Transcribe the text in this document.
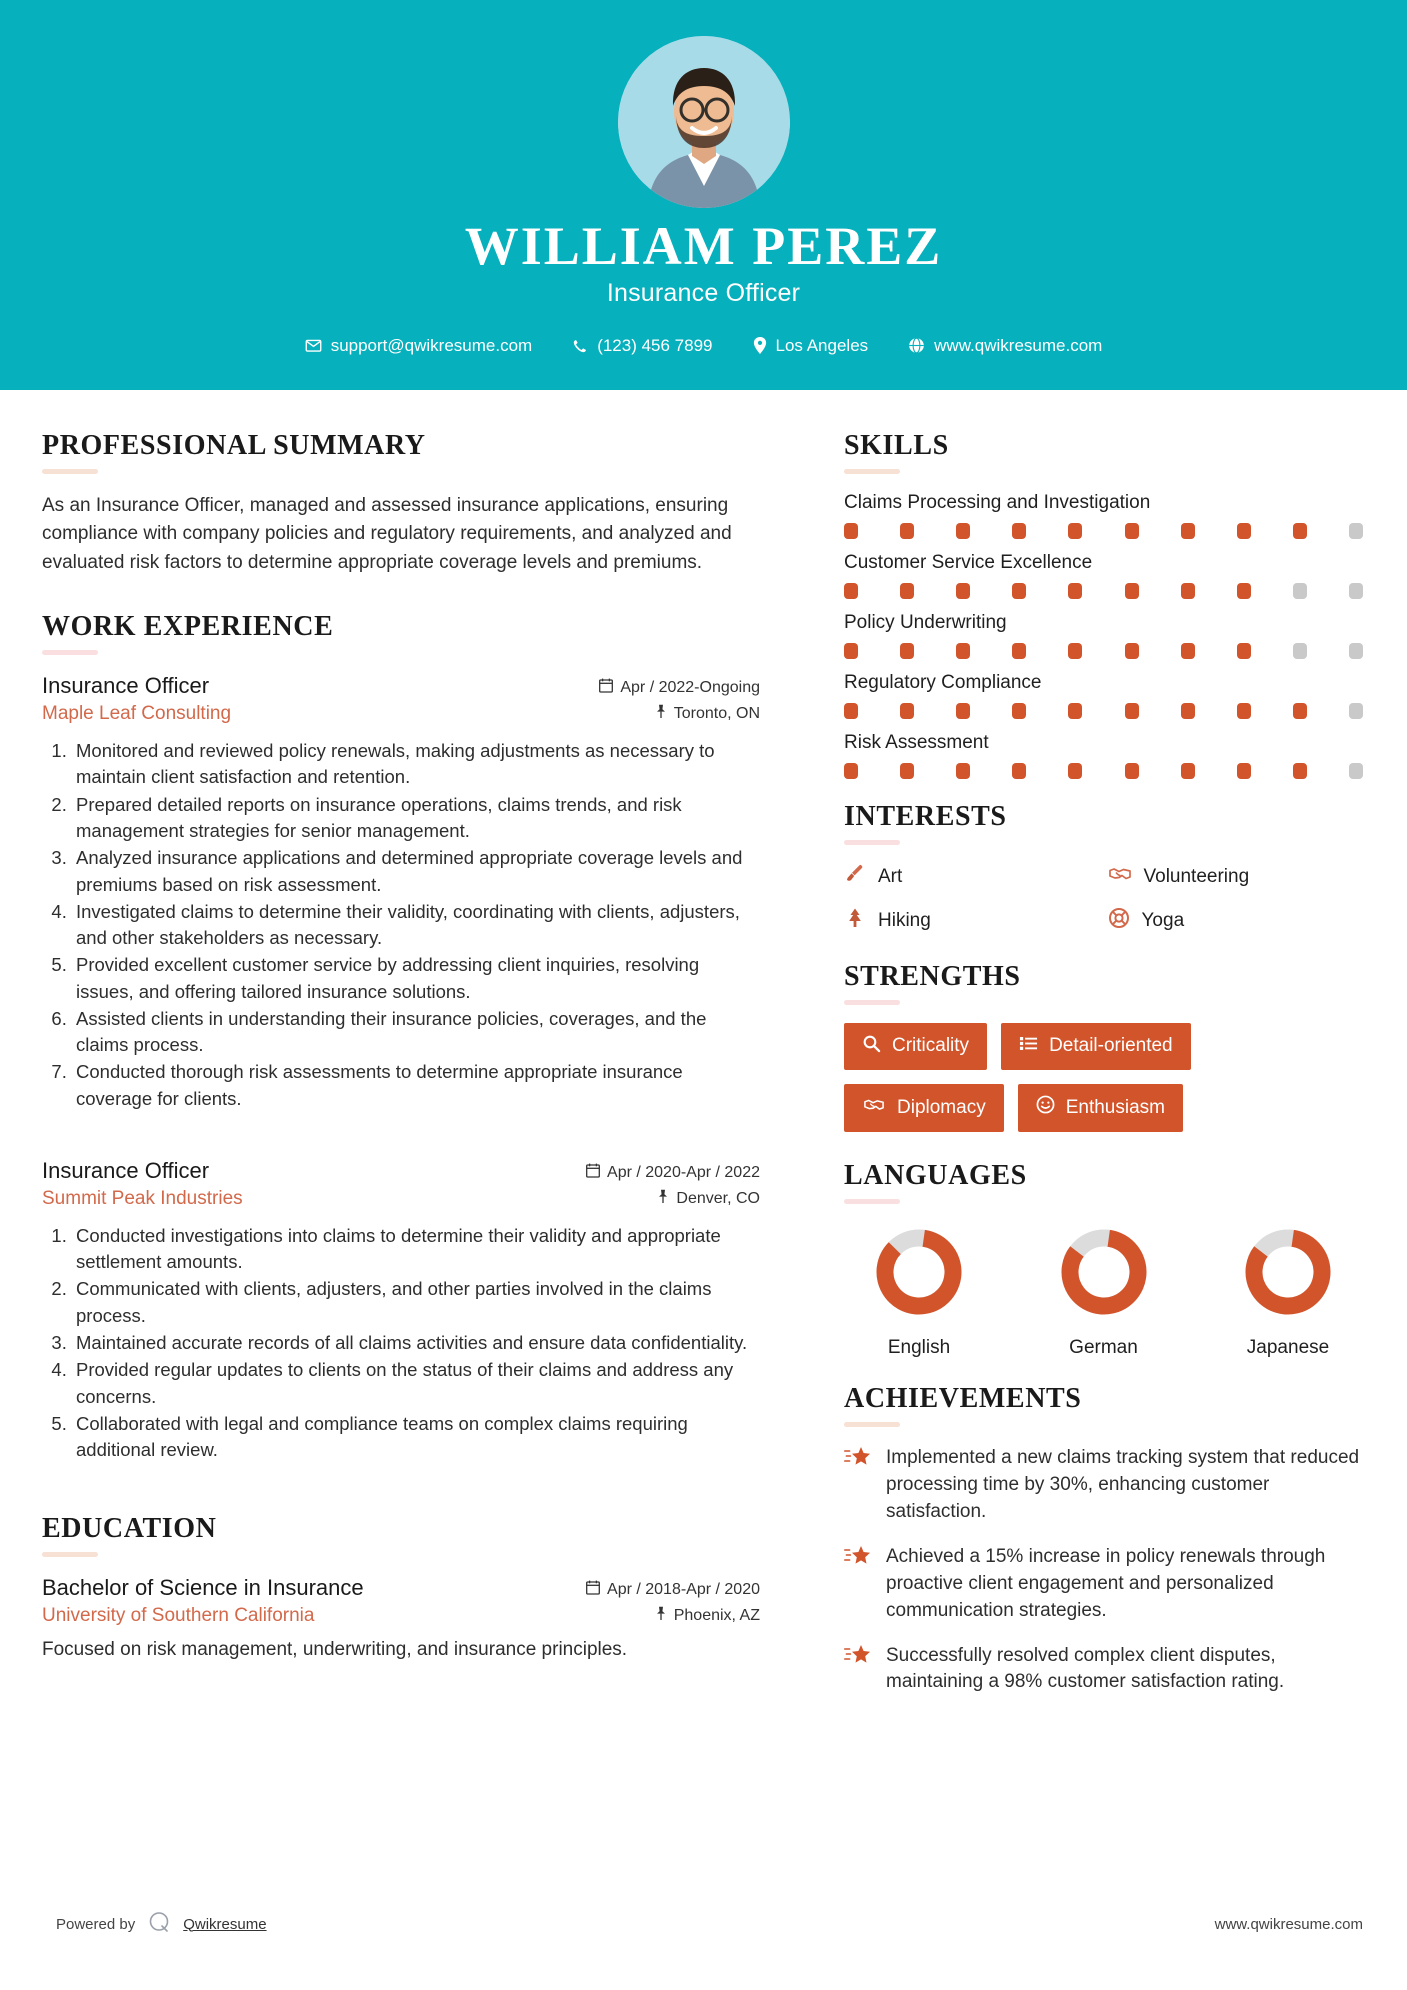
WILLIAM PEREZ
Insurance Officer
support@qwikresume.com	(123) 456 7899	Los Angeles	www.qwikresume.com
PROFESSIONAL SUMMARY

As an Insurance Officer, managed and assessed insurance applications, ensuring compliance with company policies and regulatory requirements, and analyzed and evaluated risk factors to determine appropriate coverage levels and premiums.

WORK EXPERIENCE
Insurance Officer	Apr / 2022-Ongoing
Maple Leaf Consulting	Toronto, ON
1. Monitored and reviewed policy renewals, making adjustments as necessary to maintain client satisfaction and retention.
2. Prepared detailed reports on insurance operations, claims trends, and risk management strategies for senior management.
3. Analyzed insurance applications and determined appropriate coverage levels and premiums based on risk assessment.
4. Investigated claims to determine their validity, coordinating with clients, adjusters, and other stakeholders as necessary.
5. Provided excellent customer service by addressing client inquiries, resolving issues, and offering tailored insurance solutions.
6. Assisted clients in understanding their insurance policies, coverages, and the claims process.
7. Conducted thorough risk assessments to determine appropriate insurance coverage for clients.
Insurance Officer	Apr / 2020-Apr / 2022
Summit Peak Industries	Denver, CO
1. Conducted investigations into claims to determine their validity and appropriate settlement amounts.
2. Communicated with clients, adjusters, and other parties involved in the claims process.
3. Maintained accurate records of all claims activities and ensure data confidentiality.
4. Provided regular updates to clients on the status of their claims and address any concerns.
5. Collaborated with legal and compliance teams on complex claims requiring additional review.
EDUCATION
Bachelor of Science in Insurance	Apr / 2018-Apr / 2020
University of Southern California	Phoenix, AZ
Focused on risk management, underwriting, and insurance principles.
SKILLS
Claims Processing and Investigation
Customer Service Excellence
Policy Underwriting
Regulatory Compliance
Risk Assessment
INTERESTS
Art	Volunteering
Hiking	Yoga
STRENGTHS
Criticality	Detail-oriented
Diplomacy	Enthusiasm
LANGUAGES
English	German	Japanese
ACHIEVEMENTS
Implemented a new claims tracking system that reduced processing time by 30%, enhancing customer satisfaction.
Achieved a 15% increase in policy renewals through proactive client engagement and personalized communication strategies.
Successfully resolved complex client disputes, maintaining a 98% customer satisfaction rating.
Powered by	Qwikresume	www.qwikresume.com
